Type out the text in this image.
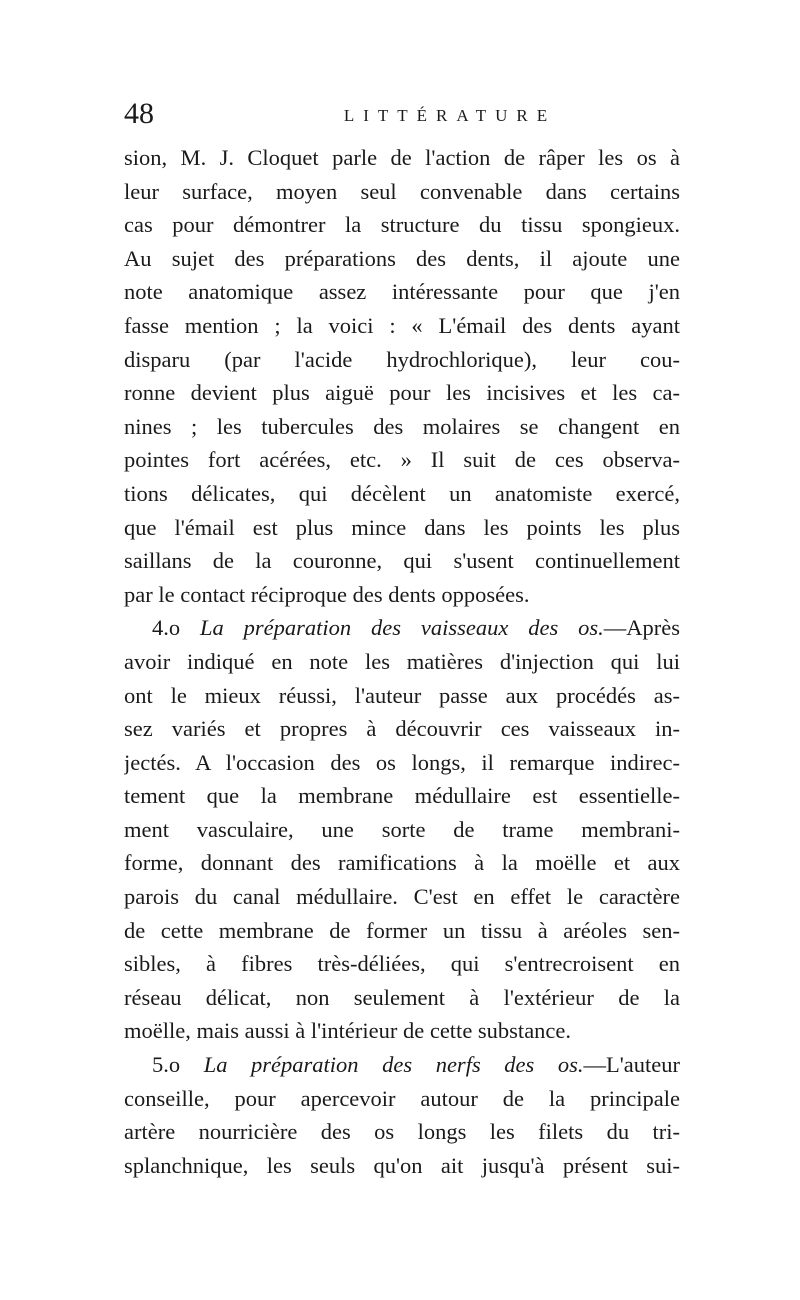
48	LITTÉRATURE
sion, M. J. Cloquet parle de l'action de râper les os à
leur surface, moyen seul convenable dans certains
cas pour démontrer la structure du tissu spongieux.
Au sujet des préparations des dents, il ajoute une
note anatomique assez intéressante pour que j'en
fasse mention ; la voici : « L'émail des dents ayant
disparu (par l'acide hydrochlorique), leur cou-
ronne devient plus aiguë pour les incisives et les ca-
nines ; les tubercules des molaires se changent en
pointes fort acérées, etc. » Il suit de ces observa-
tions délicates, qui décèlent un anatomiste exercé,
que l'émail est plus mince dans les points les plus
saillans de la couronne, qui s'usent continuellement
par le contact réciproque des dents opposées.
4.o La préparation des vaisseaux des os.—Après
avoir indiqué en note les matières d'injection qui lui
ont le mieux réussi, l'auteur passe aux procédés as-
sez variés et propres à découvrir ces vaisseaux in-
jectés. A l'occasion des os longs, il remarque indirec-
tement que la membrane médullaire est essentielle-
ment vasculaire, une sorte de trame membrani-
forme, donnant des ramifications à la moëlle et aux
parois du canal médullaire. C'est en effet le caractère
de cette membrane de former un tissu à aréoles sen-
sibles, à fibres très-déliées, qui s'entrecroisent en
réseau délicat, non seulement à l'extérieur de la
moëlle, mais aussi à l'intérieur de cette substance.
5.o La préparation des nerfs des os.—L'auteur
conseille, pour apercevoir autour de la principale
artère nourricière des os longs les filets du tri-
splanchnique, les seuls qu'on ait jusqu'à présent sui-
